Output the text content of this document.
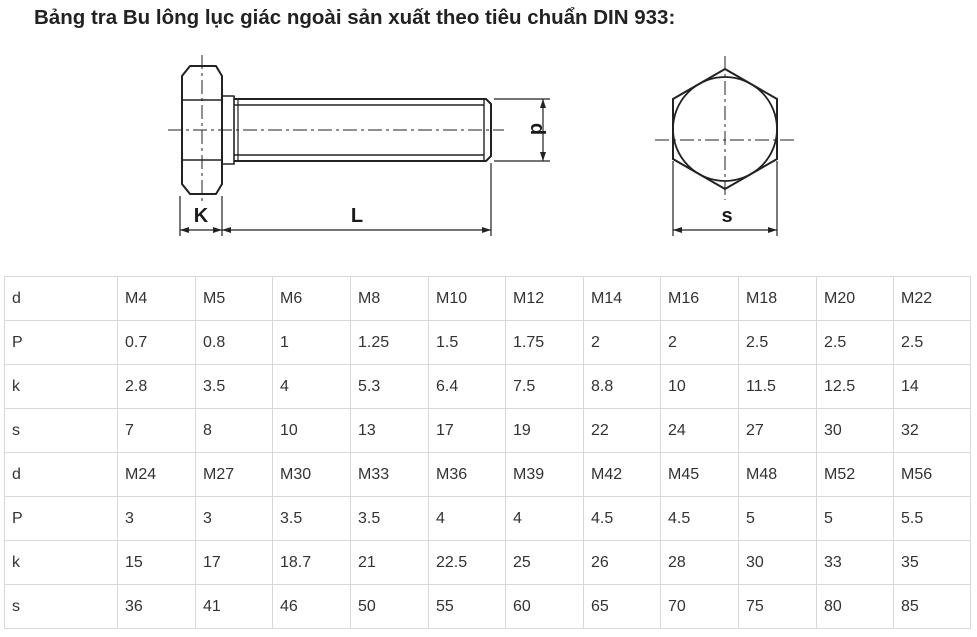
Bảng tra Bu lông lục giác ngoài sản xuất theo tiêu chuẩn DIN 933:
K	L
d
s
d	M4	M5	M6	M8	M10	M12	M14	M16	M18	M20	M22
P	0.7	0.8	1	1.25	1.5	1.75	2	2	2.5	2.5	2.5
k	2.8	3.5	4	5.3	6.4	7.5	8.8	10	11.5	12.5	14
s	7	8	10	13	17	19	22	24	27	30	32
d	M24	M27	M30	M33	M36	M39	M42	M45	M48	M52	M56
P	3	3	3.5	3.5	4	4	4.5	4.5	5	5	5.5
k	15	17	18.7	21	22.5	25	26	28	30	33	35
s	36	41	46	50	55	60	65	70	75	80	85
